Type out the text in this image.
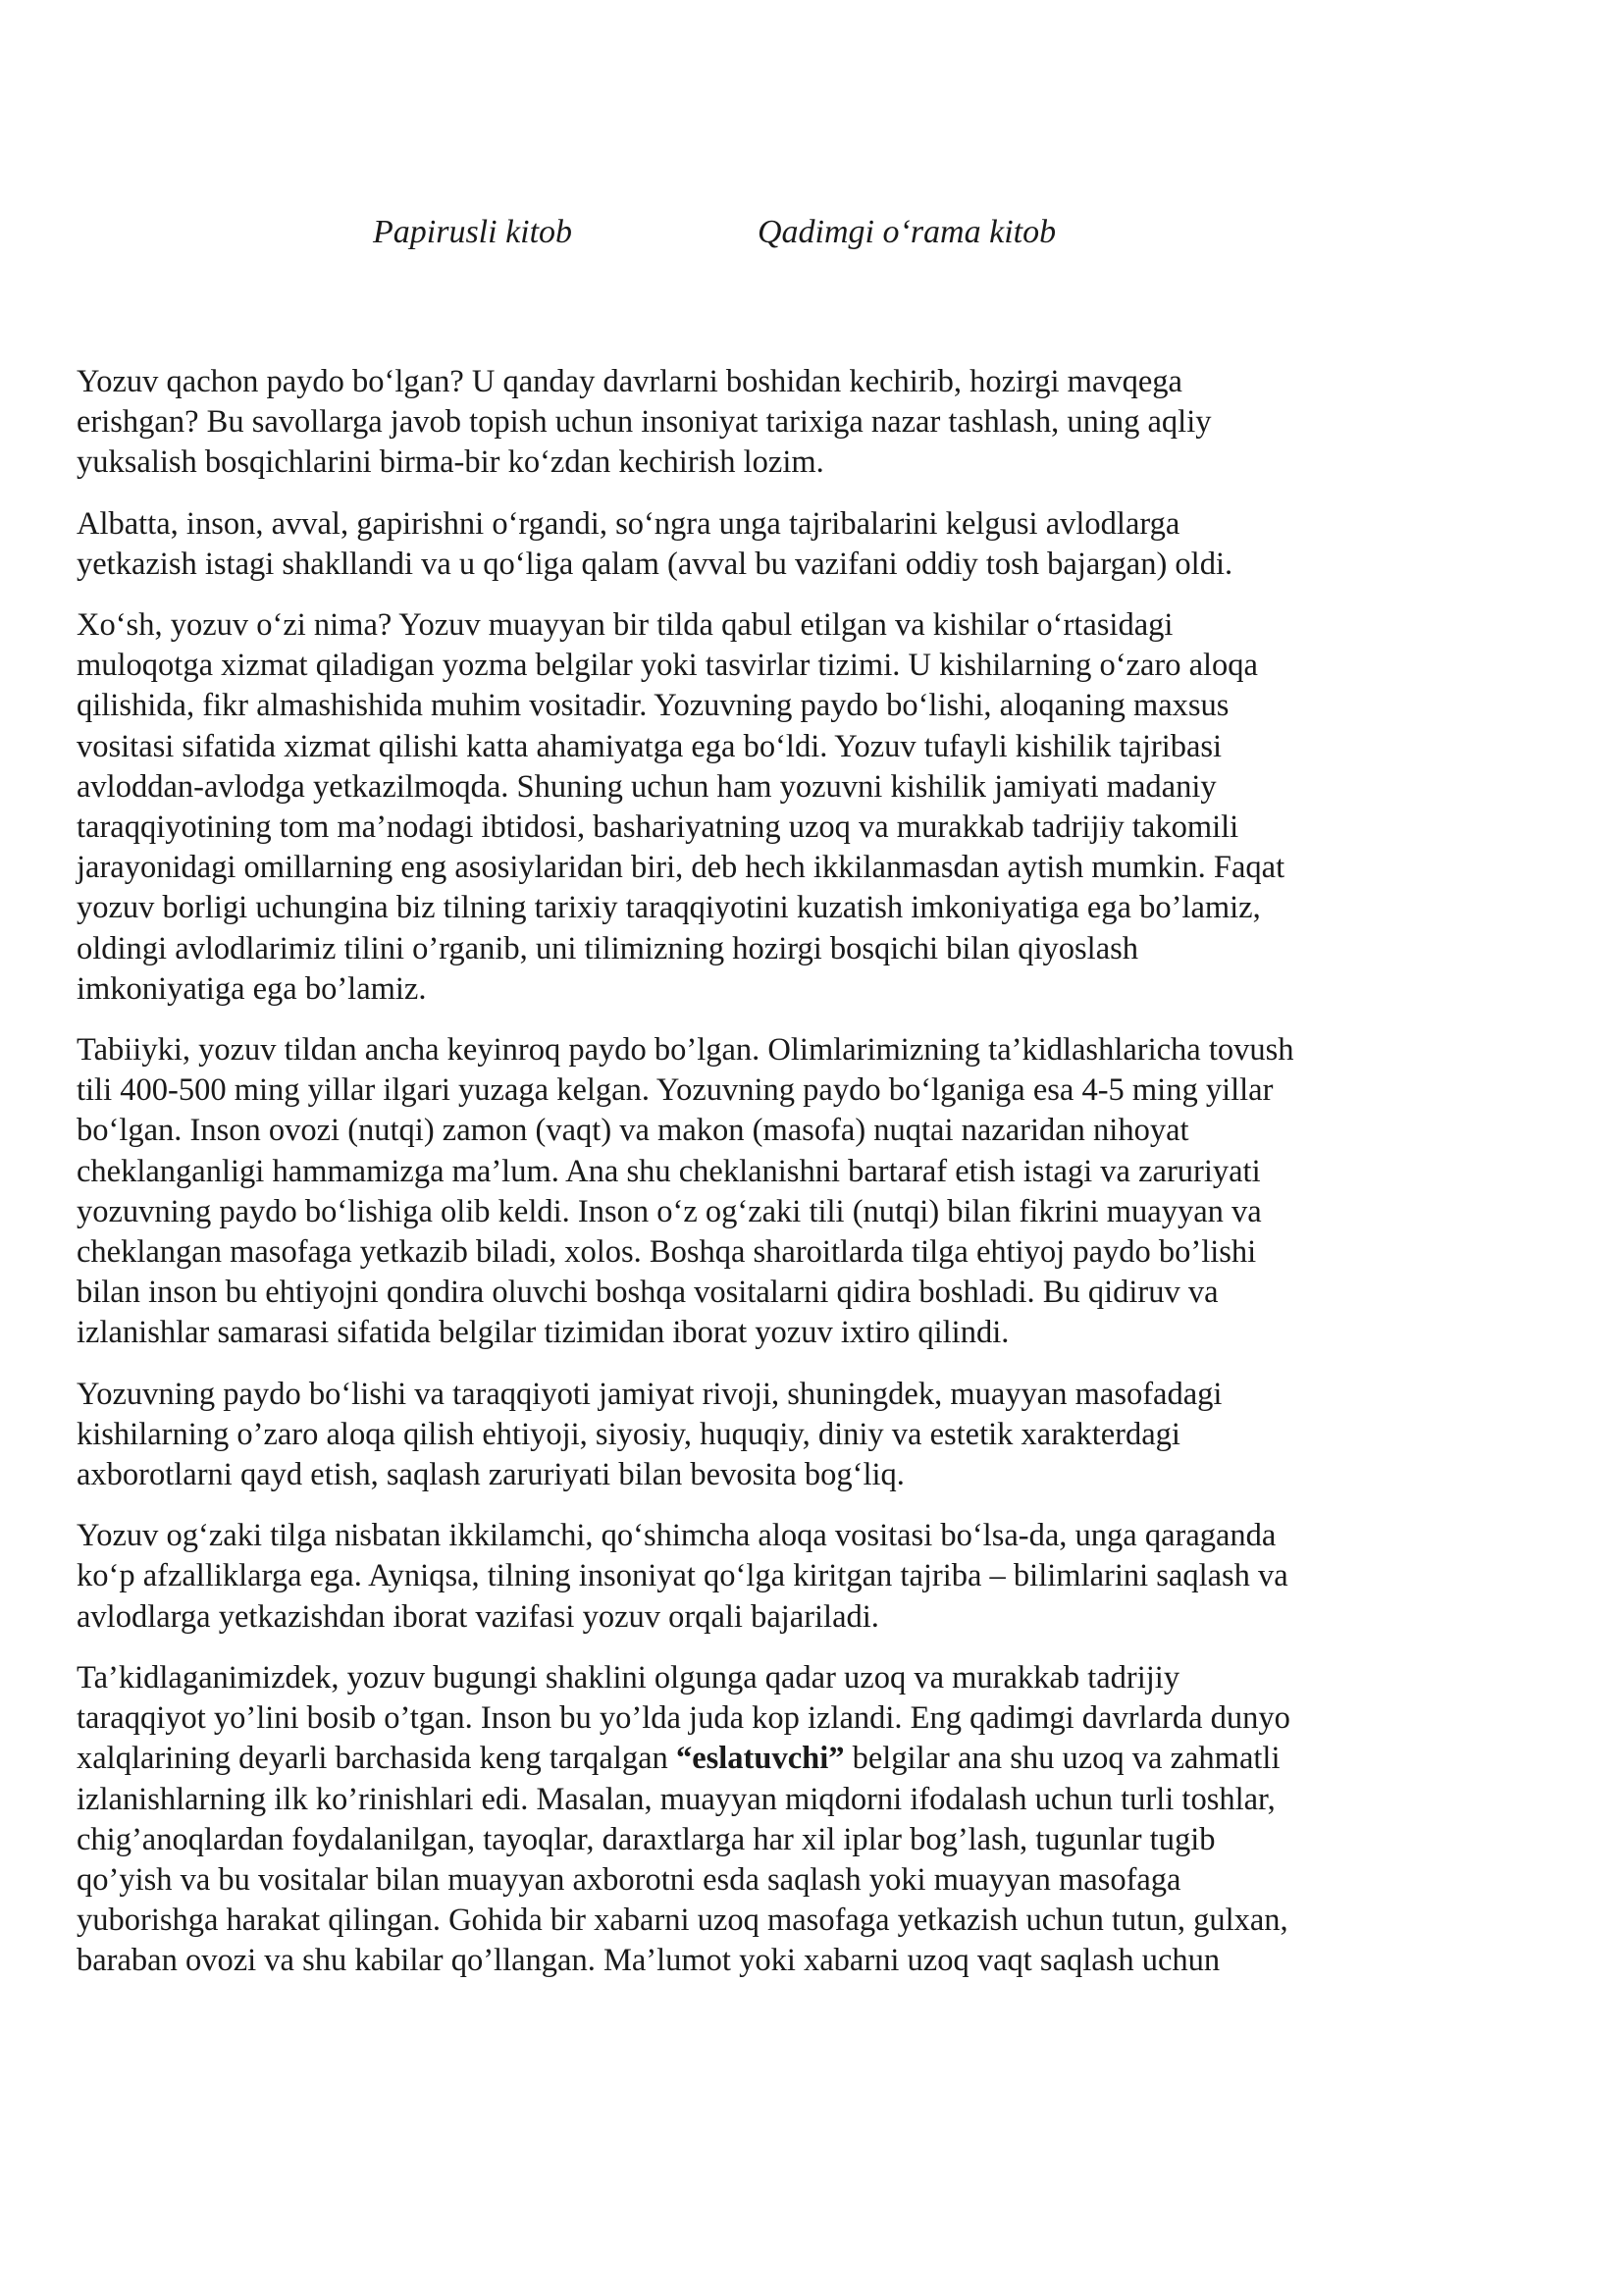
Papirusli kitob	Qadimgi o‘rama kitob

Yozuv qachon paydo bo‘lgan? U qanday davrlarni boshidan kechirib, hozirgi mavqega
erishgan? Bu savollarga javob topish uchun insoniyat tarixiga nazar tashlash, uning aqliy
yuksalish bosqichlarini birma-bir ko‘zdan kechirish lozim.

Albatta, inson, avval, gapirishni o‘rgandi, so‘ngra unga tajribalarini kelgusi avlodlarga
yetkazish istagi shakllandi va u qo‘liga qalam (avval bu vazifani oddiy tosh bajargan) oldi.

Xo‘sh, yozuv o‘zi nima? Yozuv muayyan bir tilda qabul etilgan va kishilar o‘rtasidagi
muloqotga xizmat qiladigan yozma belgilar yoki tasvirlar tizimi. U kishilarning o‘zaro aloqa
qilishida, fikr almashishida muhim vositadir. Yozuvning paydo bo‘lishi, aloqaning maxsus
vositasi sifatida xizmat qilishi katta ahamiyatga ega bo‘ldi. Yozuv tufayli kishilik tajribasi
avloddan-avlodga yetkazilmoqda. Shuning uchun ham yozuvni kishilik jamiyati madaniy
taraqqiyotining tom ma’nodagi ibtidosi, bashariyatning uzoq va murakkab tadrijiy takomili
jarayonidagi omillarning eng asosiylaridan biri, deb hech ikkilanmasdan aytish mumkin. Faqat
yozuv borligi uchungina biz tilning tarixiy taraqqiyotini kuzatish imkoniyatiga ega bo’lamiz,
oldingi avlodlarimiz tilini o’rganib, uni tilimizning hozirgi bosqichi bilan qiyoslash
imkoniyatiga ega bo’lamiz.

Tabiiyki, yozuv tildan ancha keyinroq paydo bo’lgan. Olimlarimizning ta’kidlashlaricha tovush
tili 400-500 ming yillar ilgari yuzaga kelgan. Yozuvning paydo bo‘lganiga esa 4-5 ming yillar
bo‘lgan. Inson ovozi (nutqi) zamon (vaqt) va makon (masofa) nuqtai nazaridan nihoyat
cheklanganligi hammamizga ma’lum. Ana shu cheklanishni bartaraf etish istagi va zaruriyati
yozuvning paydo bo‘lishiga olib keldi. Inson o‘z og‘zaki tili (nutqi) bilan fikrini muayyan va
cheklangan masofaga yetkazib biladi, xolos. Boshqa sharoitlarda tilga ehtiyoj paydo bo’lishi
bilan inson bu ehtiyojni qondira oluvchi boshqa vositalarni qidira boshladi. Bu qidiruv va
izlanishlar samarasi sifatida belgilar tizimidan iborat yozuv ixtiro qilindi.

Yozuvning paydo bo‘lishi va taraqqiyoti jamiyat rivoji, shuningdek, muayyan masofadagi
kishilarning o’zaro aloqa qilish ehtiyoji, siyosiy, huquqiy, diniy va estetik xarakterdagi
axborotlarni qayd etish, saqlash zaruriyati bilan bevosita bog‘liq.

Yozuv og‘zaki tilga nisbatan ikkilamchi, qo‘shimcha aloqa vositasi bo‘lsa-da, unga qaraganda
ko‘p afzalliklarga ega. Ayniqsa, tilning insoniyat qo‘lga kiritgan tajriba – bilimlarini saqlash va
avlodlarga yetkazishdan iborat vazifasi yozuv orqali bajariladi.

Ta’kidlaganimizdek, yozuv bugungi shaklini olgunga qadar uzoq va murakkab tadrijiy
taraqqiyot yo’lini bosib o’tgan. Inson bu yo’lda juda kop izlandi. Eng qadimgi davrlarda dunyo
xalqlarining deyarli barchasida keng tarqalgan “eslatuvchi” belgilar ana shu uzoq va zahmatli
izlanishlarning ilk ko’rinishlari edi. Masalan, muayyan miqdorni ifodalash uchun turli toshlar,
chig’anoqlardan foydalanilgan, tayoqlar, daraxtlarga har xil iplar bog’lash, tugunlar tugib
qo’yish va bu vositalar bilan muayyan axborotni esda saqlash yoki muayyan masofaga
yuborishga harakat qilingan. Gohida bir xabarni uzoq masofaga yetkazish uchun tutun, gulxan,
baraban ovozi va shu kabilar qo’llangan. Ma’lumot yoki xabarni uzoq vaqt saqlash uchun
